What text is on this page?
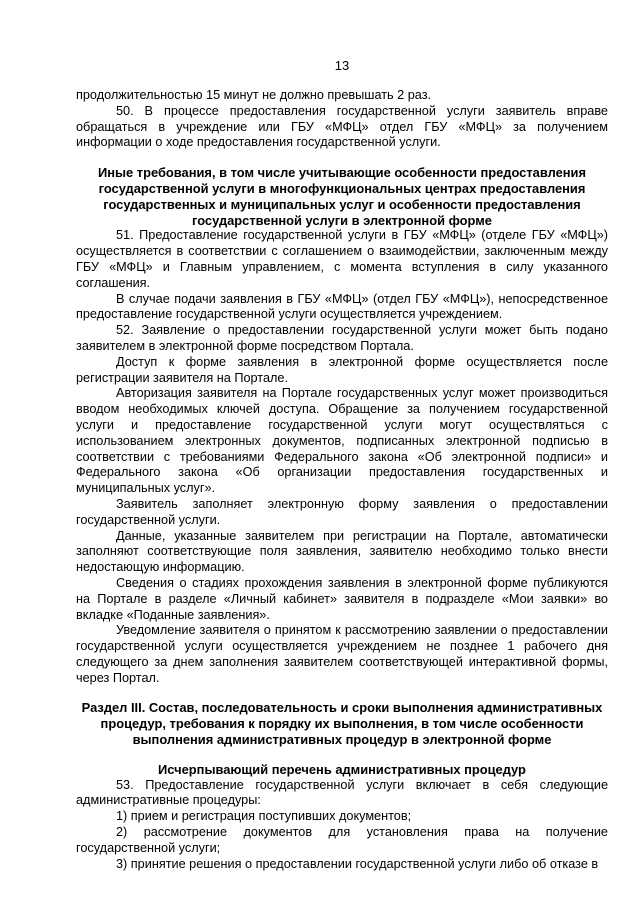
13

продолжительностью 15 минут не должно превышать 2 раз.

50. В процессе предоставления государственной услуги заявитель вправе обращаться в учреждение или ГБУ «МФЦ» отдел ГБУ «МФЦ» за получением информации о ходе предоставления государственной услуги.

Иные требования, в том числе учитывающие особенности предоставления государственной услуги в многофункциональных центрах предоставления государственных и муниципальных услуг и особенности предоставления государственной услуги в электронной форме

51. Предоставление государственной услуги в ГБУ «МФЦ» (отделе ГБУ «МФЦ») осуществляется в соответствии с соглашением о взаимодействии, заключенным между ГБУ «МФЦ» и Главным управлением, с момента вступления в силу указанного соглашения.

В случае подачи заявления в ГБУ «МФЦ» (отдел ГБУ «МФЦ»), непосредственное предоставление государственной услуги осуществляется учреждением.

52. Заявление о предоставлении государственной услуги может быть подано заявителем в электронной форме посредством Портала.

Доступ к форме заявления в электронной форме осуществляется после регистрации заявителя на Портале.

Авторизация заявителя на Портале государственных услуг может производиться вводом необходимых ключей доступа. Обращение за получением государственной услуги и предоставление государственной услуги могут осуществляться с использованием электронных документов, подписанных электронной подписью в соответствии с требованиями Федерального закона «Об электронной подписи» и Федерального закона «Об организации предоставления государственных и муниципальных услуг».

Заявитель заполняет электронную форму заявления о предоставлении государственной услуги.

Данные, указанные заявителем при регистрации на Портале, автоматически заполняют соответствующие поля заявления, заявителю необходимо только внести недостающую информацию.

Сведения о стадиях прохождения заявления в электронной форме публикуются на Портале в разделе «Личный кабинет» заявителя в подразделе «Мои заявки» во вкладке «Поданные заявления».

Уведомление заявителя о принятом к рассмотрению заявлении о предоставлении государственной услуги осуществляется учреждением не позднее 1 рабочего дня следующего за днем заполнения заявителем соответствующей интерактивной формы, через Портал.

Раздел III. Состав, последовательность и сроки выполнения административных процедур, требования к порядку их выполнения, в том числе особенности выполнения административных процедур в электронной форме
Исчерпывающий перечень административных процедур

53. Предоставление государственной услуги включает в себя следующие административные процедуры:

1) прием и регистрация поступивших документов;

2) рассмотрение документов для установления права на получение государственной услуги;

3) принятие решения о предоставлении государственной услуги либо об отказе в
